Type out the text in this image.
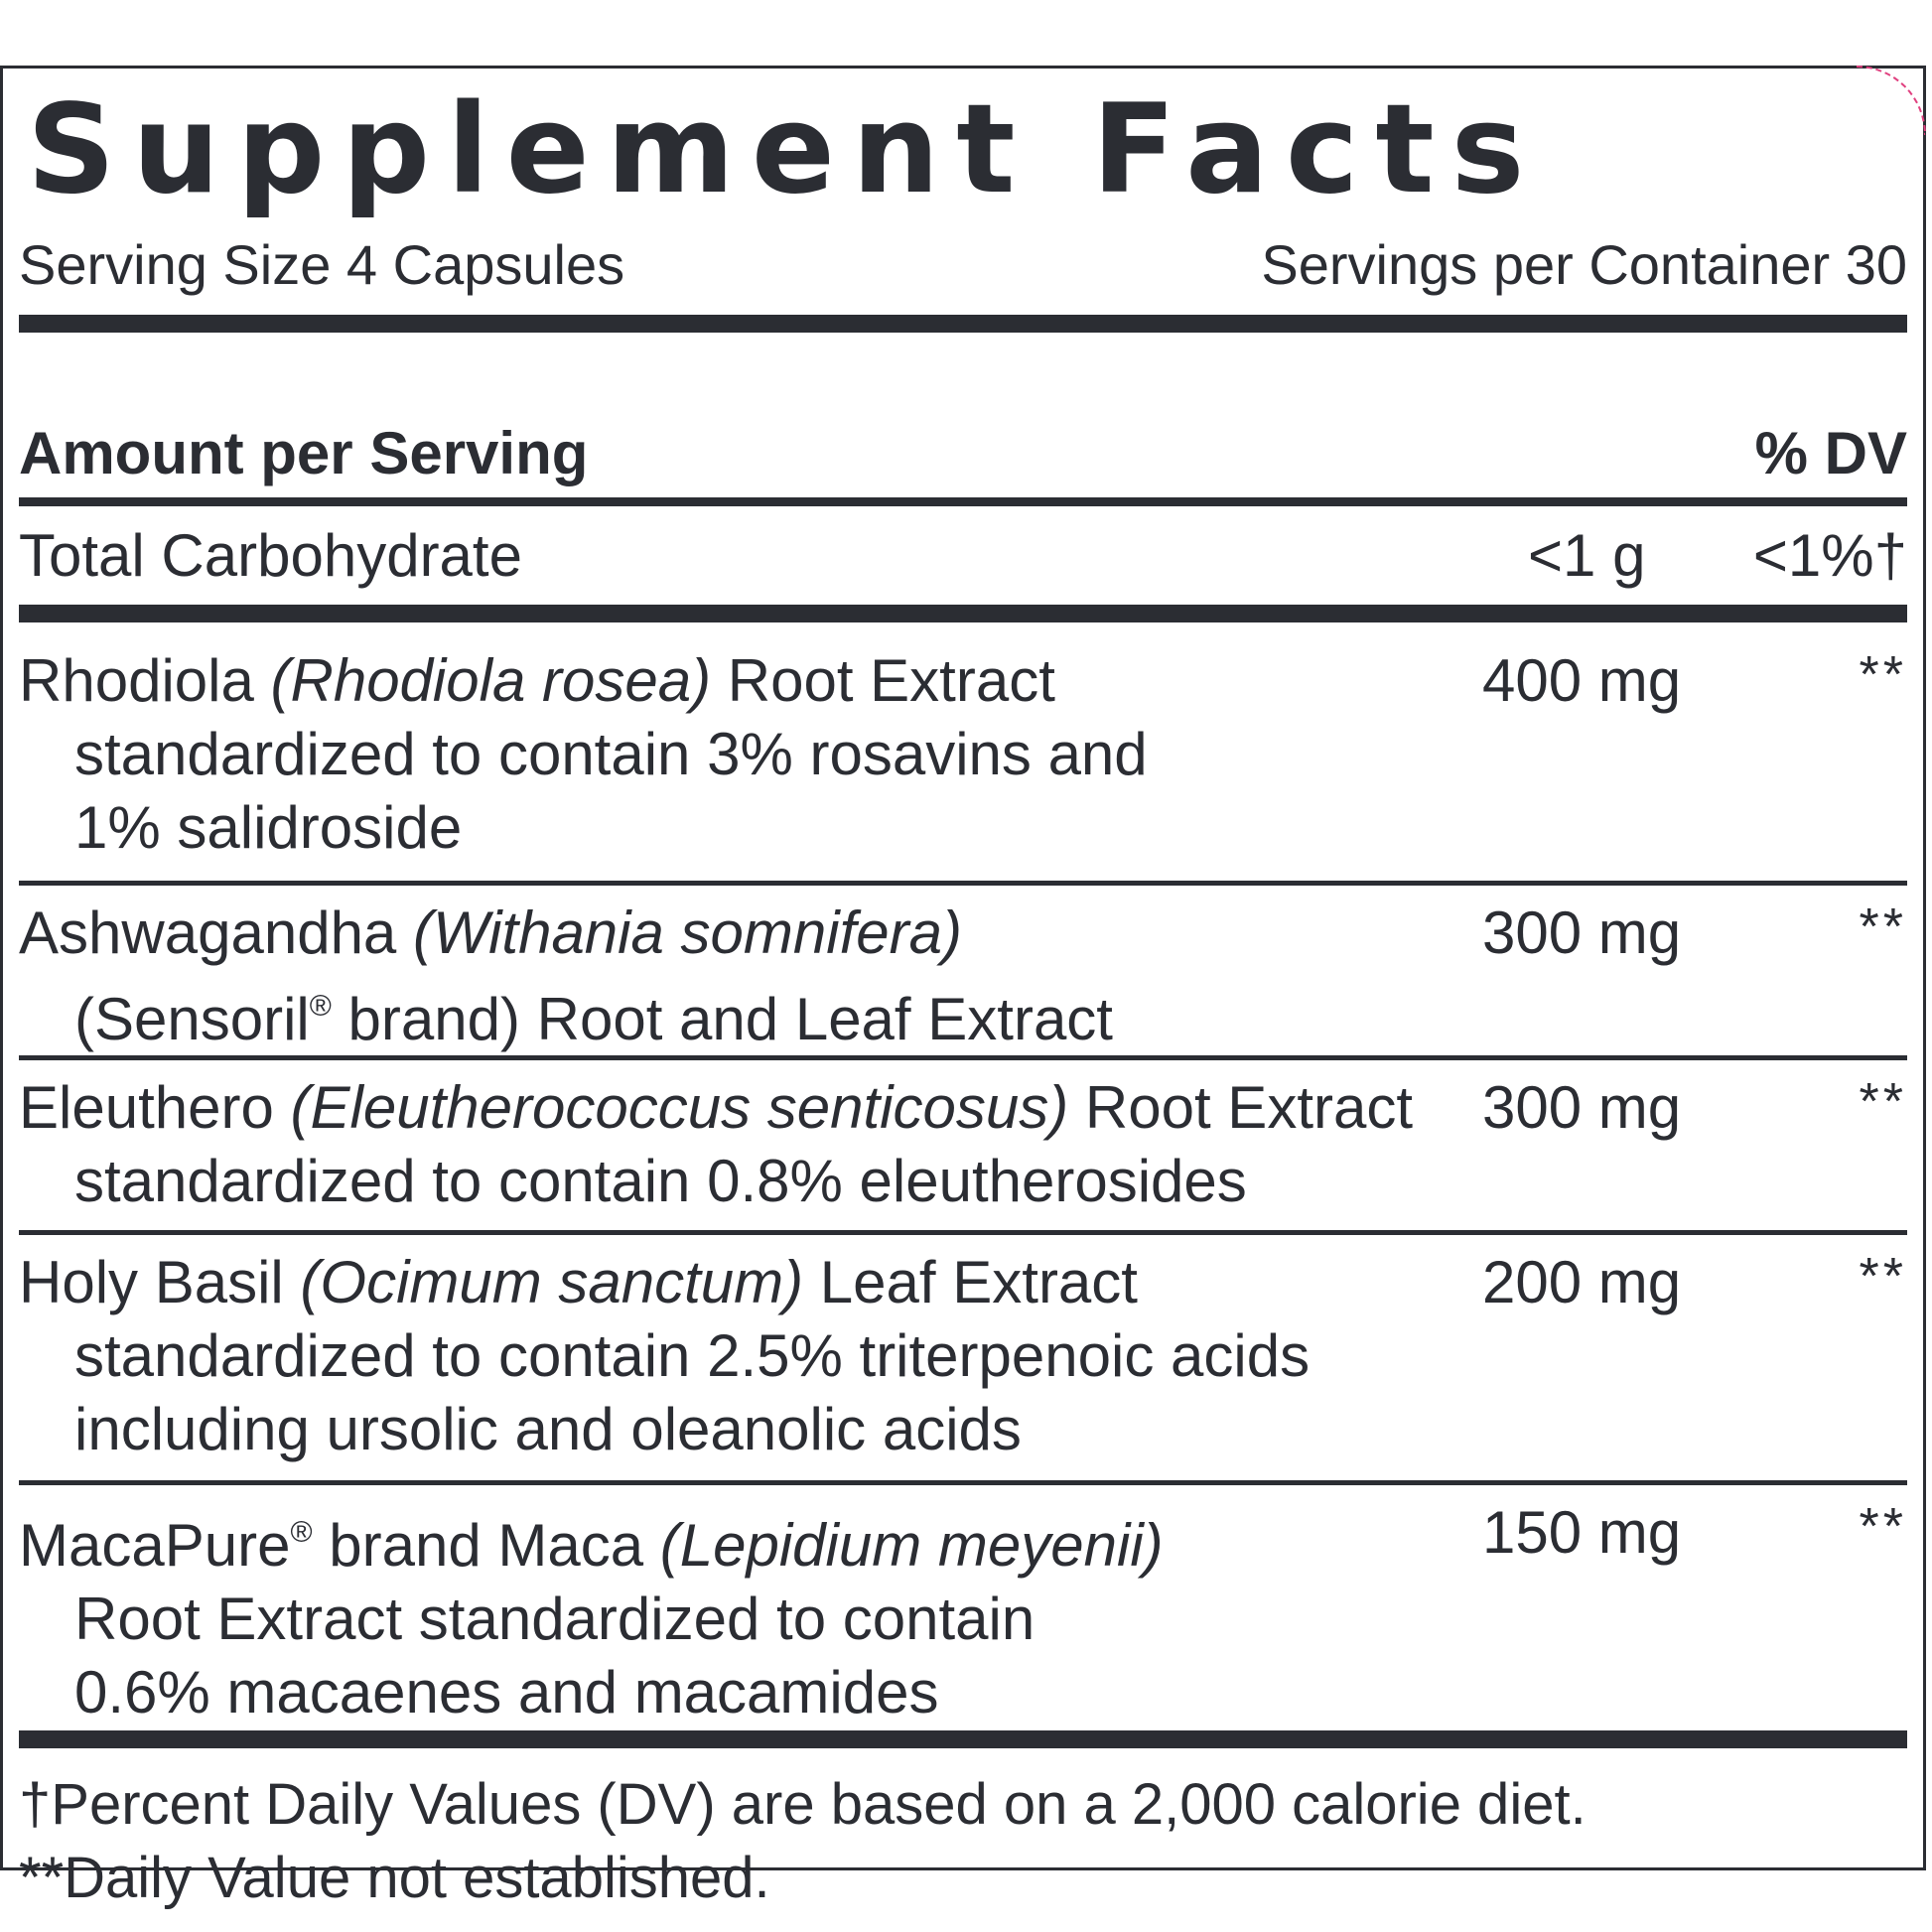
Supplement Facts
Serving Size 4 Capsules	Servings per Container 30
Amount per Serving	% DV
Total Carbohydrate	<1 g <1%†
Rhodiola (Rhodiola rosea) Root Extract
standardized to contain 3% rosavins and
1% salidroside
400 mg	**
Ashwagandha (Withania somnifera)
(Sensoril® brand) Root and Leaf Extract
300 mg	**
Eleuthero (Eleutherococcus senticosus) Root Extract
standardized to contain 0.8% eleutherosides
300 mg	**
Holy Basil (Ocimum sanctum) Leaf Extract
standardized to contain 2.5% triterpenoic acids
including ursolic and oleanolic acids
200 mg	**
MacaPure® brand Maca (Lepidium meyenii)
Root Extract standardized to contain
0.6% macaenes and macamides
150 mg	**
†Percent Daily Values (DV) are based on a 2,000 calorie diet.
**Daily Value not established.
